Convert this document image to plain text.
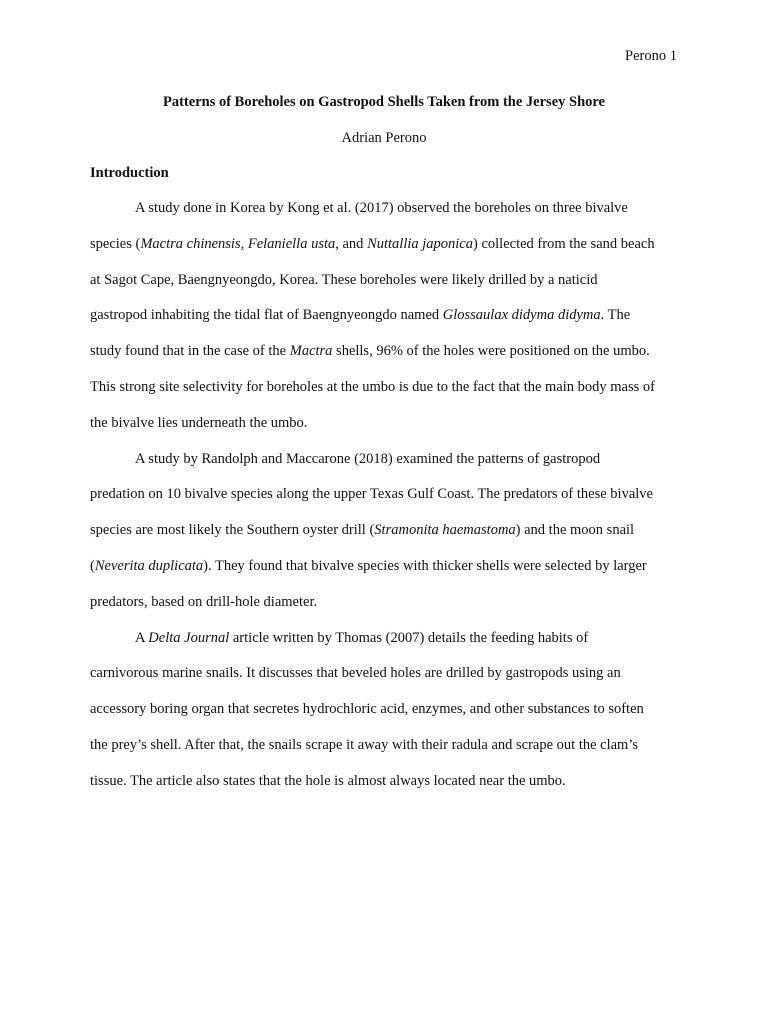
Perono 1
Patterns of Boreholes on Gastropod Shells Taken from the Jersey Shore
Adrian Perono
Introduction
A study done in Korea by Kong et al. (2017) observed the boreholes on three bivalve
species (Mactra chinensis, Felaniella usta, and Nuttallia japonica) collected from the sand beach
at Sagot Cape, Baengnyeongdo, Korea. These boreholes were likely drilled by a naticid
gastropod inhabiting the tidal flat of Baengnyeongdo named Glossaulax didyma didyma. The
study found that in the case of the Mactra shells, 96% of the holes were positioned on the umbo.
This strong site selectivity for boreholes at the umbo is due to the fact that the main body mass of
the bivalve lies underneath the umbo.
A study by Randolph and Maccarone (2018) examined the patterns of gastropod
predation on 10 bivalve species along the upper Texas Gulf Coast. The predators of these bivalve
species are most likely the Southern oyster drill (Stramonita haemastoma) and the moon snail
(Neverita duplicata). They found that bivalve species with thicker shells were selected by larger
predators, based on drill-hole diameter.
A Delta Journal article written by Thomas (2007) details the feeding habits of
carnivorous marine snails. It discusses that beveled holes are drilled by gastropods using an
accessory boring organ that secretes hydrochloric acid, enzymes, and other substances to soften
the prey’s shell. After that, the snails scrape it away with their radula and scrape out the clam’s
tissue. The article also states that the hole is almost always located near the umbo.
